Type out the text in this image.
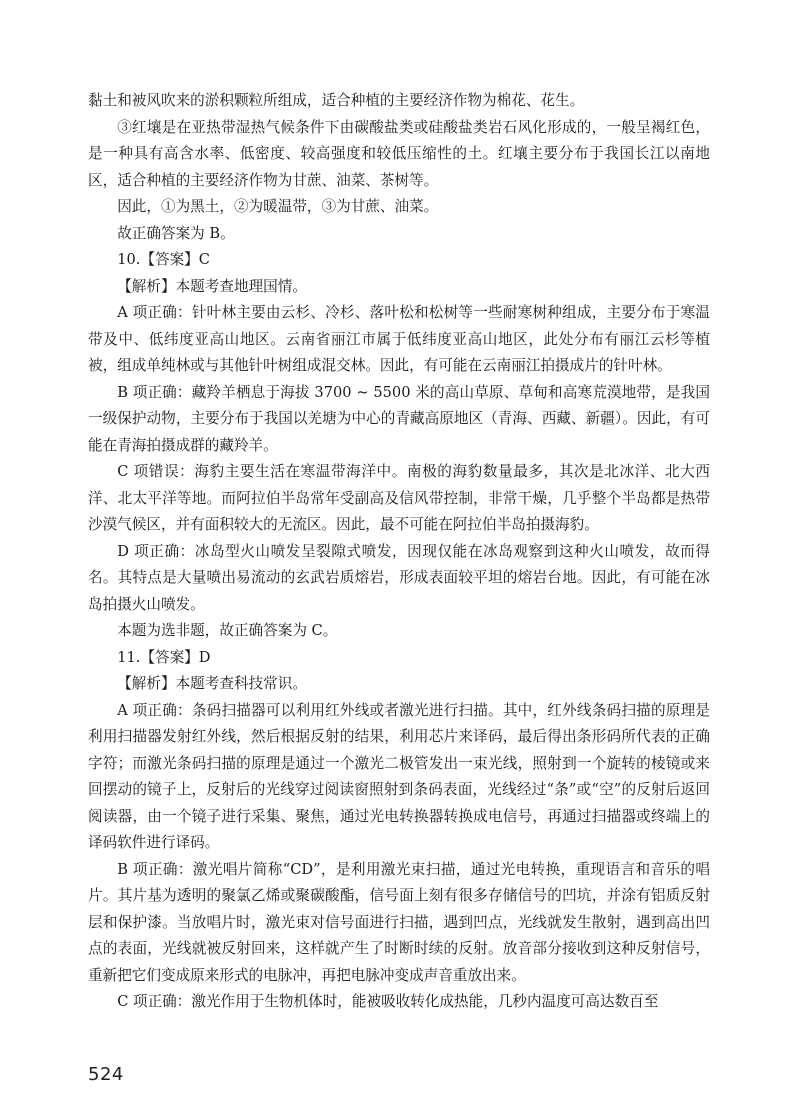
黏土和被风吹来的淤积颗粒所组成，适合种植的主要经济作物为棉花、花生。

③红壤是在亚热带湿热气候条件下由碳酸盐类或硅酸盐类岩石风化形成的，一般呈褐红色，是一种具有高含水率、低密度、较高强度和较低压缩性的土。红壤主要分布于我国长江以南地区，适合种植的主要经济作物为甘蔗、油菜、茶树等。

因此，①为黑土，②为暖温带，③为甘蔗、油菜。

故正确答案为 B。

10.【答案】C

【解析】本题考查地理国情。

A 项正确：针叶林主要由云杉、冷杉、落叶松和松树等一些耐寒树种组成，主要分布于寒温带及中、低纬度亚高山地区。云南省丽江市属于低纬度亚高山地区，此处分布有丽江云杉等植被，组成单纯林或与其他针叶树组成混交林。因此，有可能在云南丽江拍摄成片的针叶林。

B 项正确：藏羚羊栖息于海拔 3700 ~ 5500 米的高山草原、草甸和高寒荒漠地带，是我国一级保护动物，主要分布于我国以羌塘为中心的青藏高原地区（青海、西藏、新疆）。因此，有可能在青海拍摄成群的藏羚羊。

C 项错误：海豹主要生活在寒温带海洋中。南极的海豹数量最多，其次是北冰洋、北大西洋、北太平洋等地。而阿拉伯半岛常年受副高及信风带控制，非常干燥，几乎整个半岛都是热带沙漠气候区，并有面积较大的无流区。因此，最不可能在阿拉伯半岛拍摄海豹。

D 项正确：冰岛型火山喷发呈裂隙式喷发，因现仅能在冰岛观察到这种火山喷发，故而得名。其特点是大量喷出易流动的玄武岩质熔岩，形成表面较平坦的熔岩台地。因此，有可能在冰岛拍摄火山喷发。

本题为选非题，故正确答案为 C。

11.【答案】D

【解析】本题考查科技常识。

A 项正确：条码扫描器可以利用红外线或者激光进行扫描。其中，红外线条码扫描的原理是利用扫描器发射红外线，然后根据反射的结果，利用芯片来译码，最后得出条形码所代表的正确字符；而激光条码扫描的原理是通过一个激光二极管发出一束光线，照射到一个旋转的棱镜或来回摆动的镜子上，反射后的光线穿过阅读窗照射到条码表面，光线经过“条”或“空”的反射后返回阅读器，由一个镜子进行采集、聚焦，通过光电转换器转换成电信号，再通过扫描器或终端上的译码软件进行译码。

B 项正确：激光唱片简称“CD”，是利用激光束扫描，通过光电转换，重现语言和音乐的唱片。其片基为透明的聚氯乙烯或聚碳酸酯，信号面上刻有很多存储信号的凹坑，并涂有铝质反射层和保护漆。当放唱片时，激光束对信号面进行扫描，遇到凹点，光线就发生散射，遇到高出凹点的表面，光线就被反射回来，这样就产生了时断时续的反射。放音部分接收到这种反射信号，重新把它们变成原来形式的电脉冲，再把电脉冲变成声音重放出来。

C 项正确：激光作用于生物机体时，能被吸收转化成热能，几秒内温度可高达数百至

524
